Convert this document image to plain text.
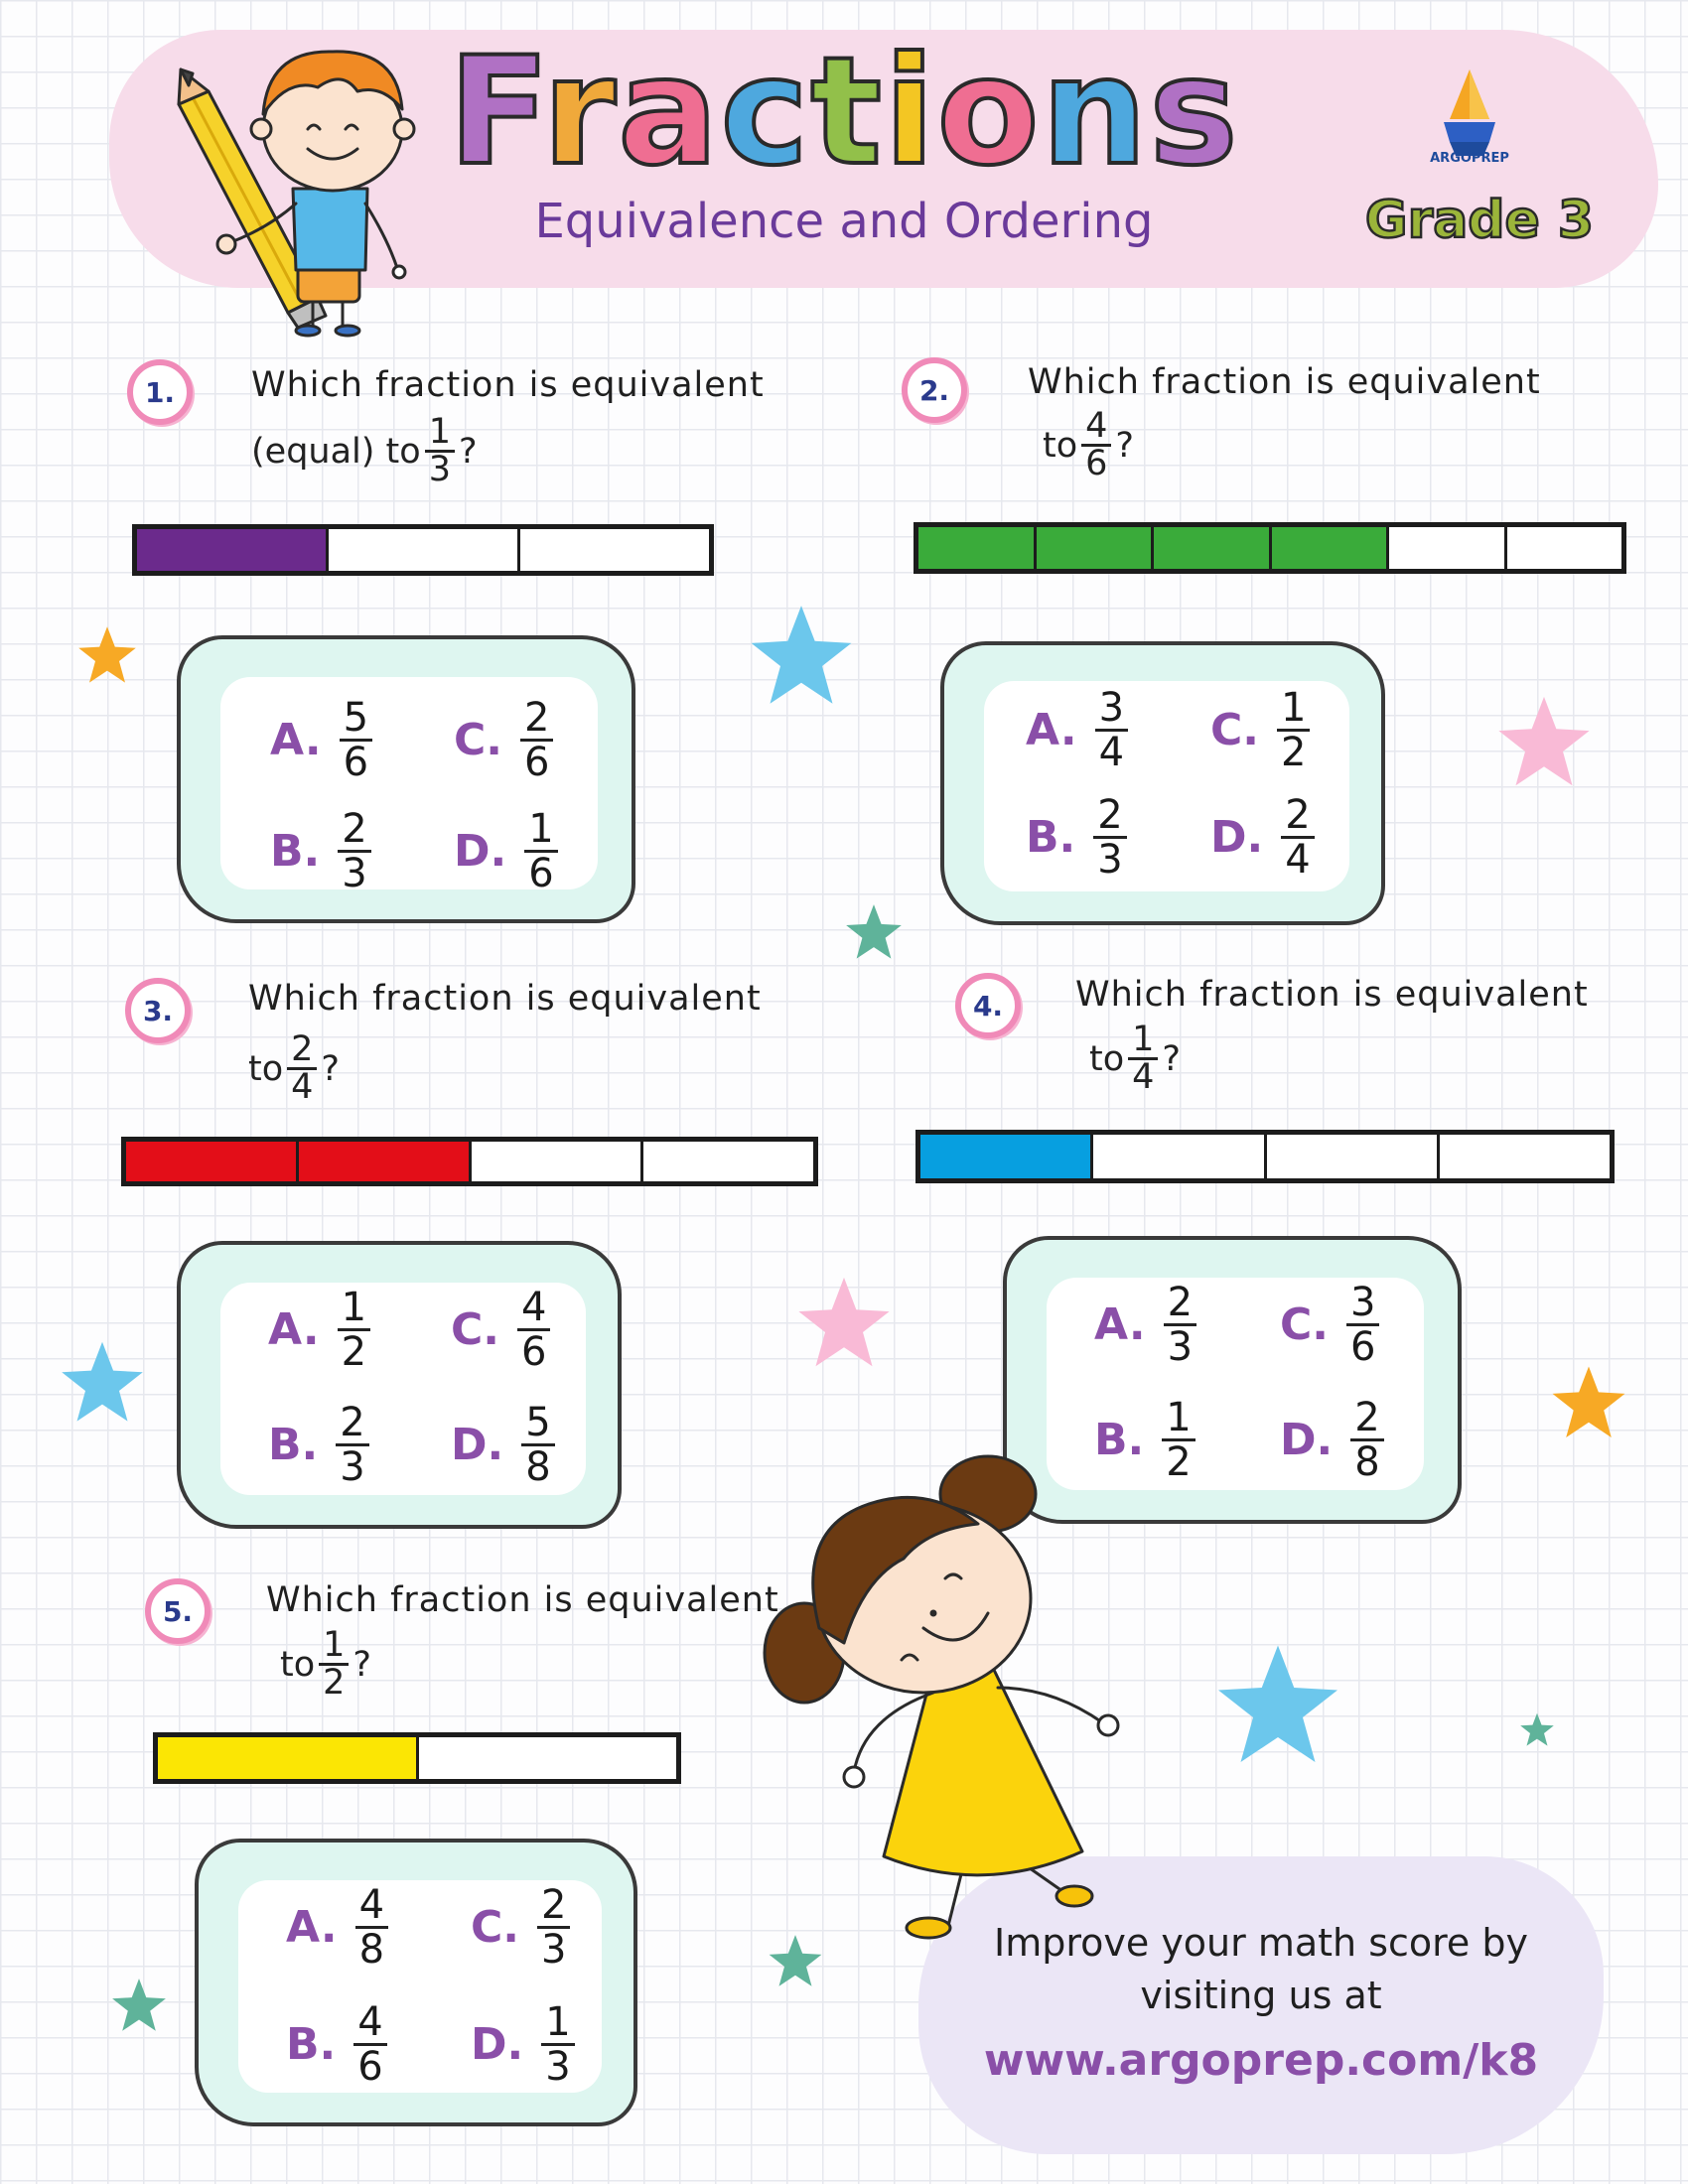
Fractions
Equivalence and Ordering	Grade 3
ARGOPREP
1.	Which fraction is equivalent
(equal) to $\frac{1}{3}$ ?
A. 5
6
B. 2
3
C. 2
6
D. 1
6
2.	Which fraction is equivalent
to $\frac{4}{6}$ ?
A. 3
4
B. 2
3
C. 1
2
D. 2
4
3.	Which fraction is equivalent
to $\frac{2}{4}$ ?
A. 1
2
B. 2
3
C. 4
6
D. 5
8
4.	Which fraction is equivalent
to $\frac{1}{4}$ ?
A. 2
3
B. 1
2
C. 3
6
D. 2
8
5.	Which fraction is equivalent
to $\frac{1}{2}$ ?
A. 4
8
B. 4
6
C. 2
3
D. 1
3
Improve your math score by
visiting us at
www.argoprep.com/k8
